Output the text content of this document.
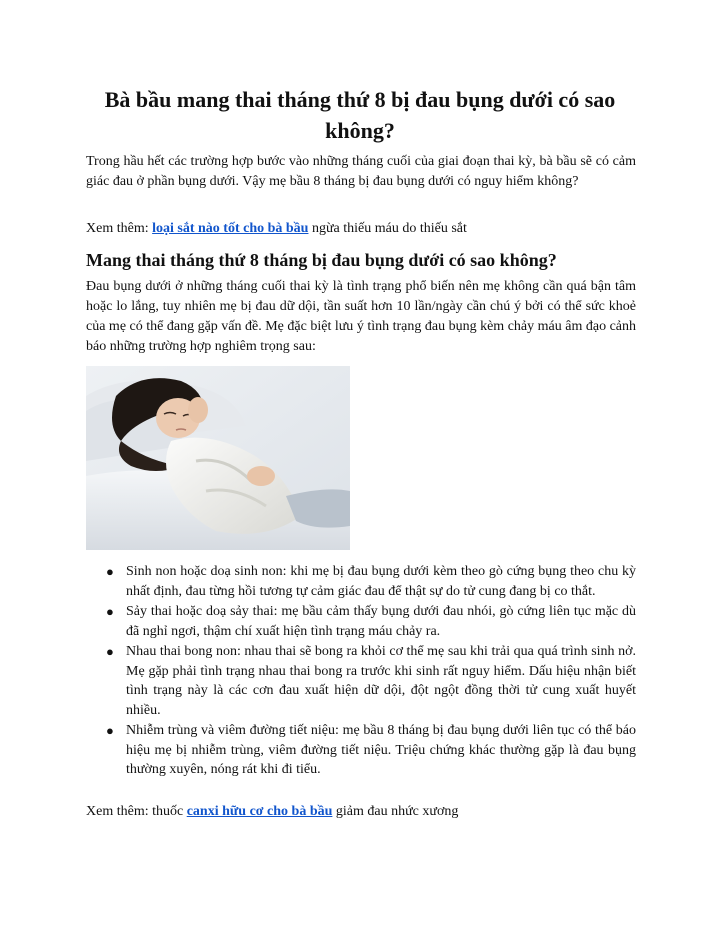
Bà bầu mang thai tháng thứ 8 bị đau bụng dưới có sao không?

Trong hầu hết các trường hợp bước vào những tháng cuối của giai đoạn thai kỳ, bà bầu sẽ có cảm giác đau ở phần bụng dưới. Vậy mẹ bầu 8 tháng bị đau bụng dưới có nguy hiểm không?

Xem thêm: loại sắt nào tốt cho bà bầu ngừa thiếu máu do thiếu sắt

Mang thai tháng thứ 8 tháng bị đau bụng dưới có sao không?

Đau bụng dưới ở những tháng cuối thai kỳ là tình trạng phổ biến nên mẹ không cần quá bận tâm hoặc lo lắng, tuy nhiên mẹ bị đau dữ dội, tần suất hơn 10 lần/ngày cần chú ý bởi có thể sức khoẻ của mẹ có thể đang gặp vấn đề. Mẹ đặc biệt lưu ý tình trạng đau bụng kèm chảy máu âm đạo cảnh báo những trường hợp nghiêm trọng sau:

● Sinh non hoặc doạ sinh non: khi mẹ bị đau bụng dưới kèm theo gò cứng bụng theo chu kỳ nhất định, đau từng hồi tương tự cảm giác đau để thật sự do tử cung đang bị co thắt.
● Sảy thai hoặc doạ sảy thai: mẹ bầu cảm thấy bụng dưới đau nhói, gò cứng liên tục mặc dù đã nghỉ ngơi, thậm chí xuất hiện tình trạng máu chảy ra.
● Nhau thai bong non: nhau thai sẽ bong ra khỏi cơ thể mẹ sau khi trải qua quá trình sinh nở. Mẹ gặp phải tình trạng nhau thai bong ra trước khi sinh rất nguy hiểm. Dấu hiệu nhận biết tình trạng này là các cơn đau xuất hiện dữ dội, đột ngột đồng thời tử cung xuất huyết nhiều.
● Nhiễm trùng và viêm đường tiết niệu: mẹ bầu 8 tháng bị đau bụng dưới liên tục có thể báo hiệu mẹ bị nhiễm trùng, viêm đường tiết niệu. Triệu chứng khác thường gặp là đau bụng thường xuyên, nóng rát khi đi tiểu.

Xem thêm: thuốc canxi hữu cơ cho bà bầu giảm đau nhức xương
